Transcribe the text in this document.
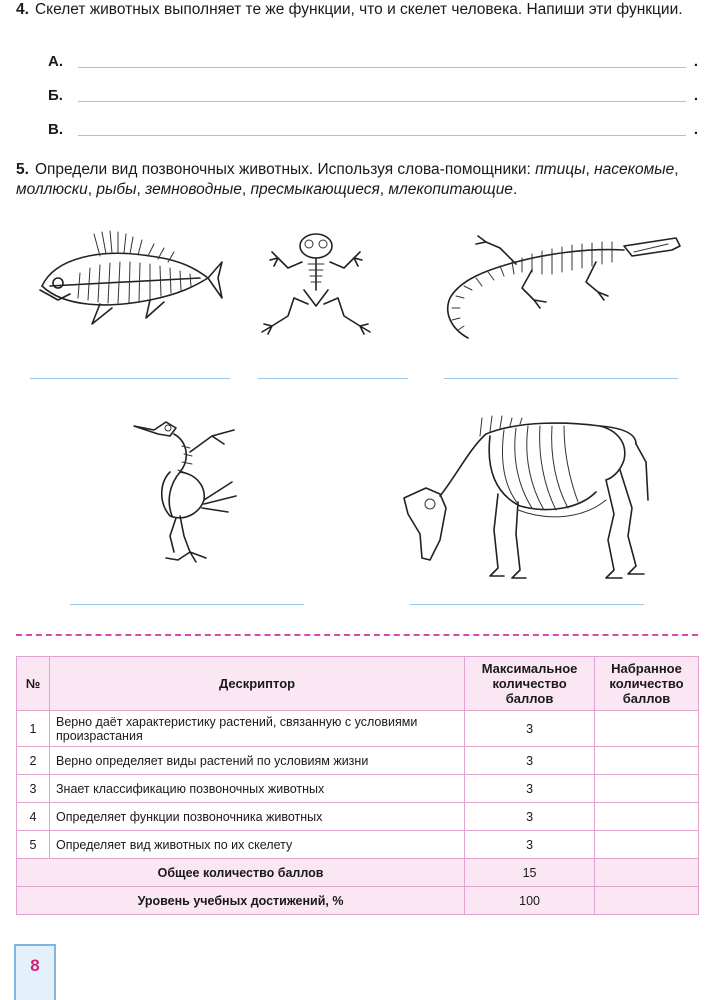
4. Скелет животных выполняет те же функции, что и скелет человека. Напиши эти функции.
А.	.
Б.	.
В.	.
5. Определи вид позвоночных животных. Используя слова-помощники: птицы, насекомые, моллюски, рыбы, земноводные, пресмыкающиеся, млекопитающие.
№	Дескриптор	Максимальное количество баллов	Набранное количество баллов
1	Верно даёт характеристику растений, связанную с условиями произрастания	3	
2	Верно определяет виды растений по условиям жизни	3	
3	Знает классификацию позвоночных животных	3	
4	Определяет функции позвоночника животных	3	
5	Определяет вид животных по их скелету	3	
Общее количество баллов		15	
Уровень учебных достижений, %		100	
8
